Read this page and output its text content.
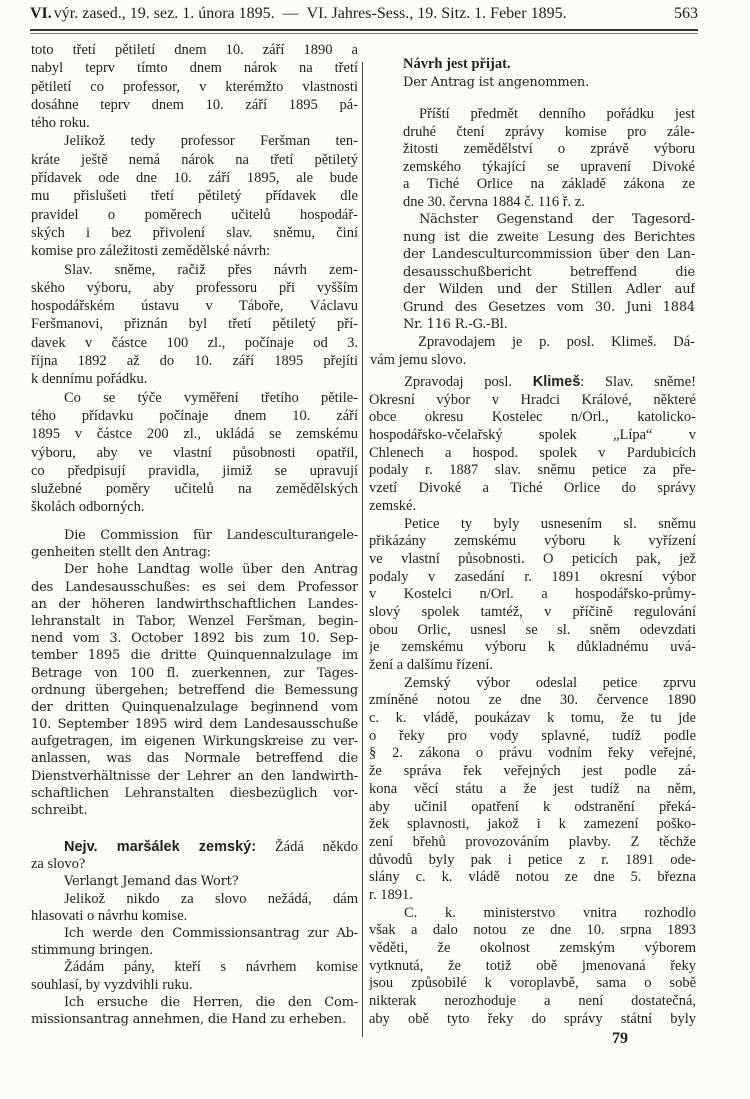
VI. výr. zased., 19. sez. 1. února 1895. — VI. Jahres-Sess., 19. Sitz. 1. Feber 1895.	563
toto třetí pětiletí dnem 10. září 1890 a
nabyl teprv tímto dnem nárok na třetí
pětiletí co professor, v kterémžto vlastnosti
dosáhne teprv dnem 10. září 1895 pá-
tého roku.
Jelikož tedy professor Feršman ten-
kráte ještě nemá nárok na třetí pětiletý
přídavek ode dne 10. září 1895, ale bude
mu přislušeti třetí pětiletý přídavek dle
pravidel o poměrech učitelů hospodář-
ských i bez přivolení slav. sněmu, činí
komise pro záležitosti zemědělské návrh:
Slav. sněme, račiž přes návrh zem-
ského výboru, aby professoru při vyšším
hospodářském ústavu v Táboře, Václavu
Feršmanovi, přiznán byl třetí pětiletý pří-
davek v částce 100 zl., počínaje od 3.
října 1892 až do 10. září 1895 přejíti
k dennímu pořádku.
Co se týče vyměření třetího pětile-
tého přídavku počínaje dnem 10. září
1895 v částce 200 zl., ukládá se zemskému
výboru, aby ve vlastní působnosti opatřil,
co předpisují pravidla, jimiž se upravují
služebné poměry učitelů na zemědělských
školách odborných.
Die Commission für Landesculturangele-
genheiten stellt den Antrag:
Der hohe Landtag wolle über den Antrag
des Landesausschußes: es sei dem Professor
an der höheren landwirthschaftlichen Landes-
lehranstalt in Tabor, Wenzel Feršman, begin-
nend vom 3. October 1892 bis zum 10. Sep-
tember 1895 die dritte Quinquennalzulage im
Betrage von 100 fl. zuerkennen, zur Tages-
ordnung übergehen; betreffend die Bemessung
der dritten Quinquenalzulage beginnend vom
10. September 1895 wird dem Landesausschuße
aufgetragen, im eigenen Wirkungskreise zu ver-
anlassen, was das Normale betreffend die
Dienstverhältnisse der Lehrer an den landwirth-
schaftlichen Lehranstalten diesbezüglich vor-
schreibt.
Nejv. maršálek zemský: Žádá někdo
za slovo?
Verlangt Jemand das Wort?
Jelikož nikdo za slovo nežádá, dám
hlasovati o návrhu komise.
Ich werde den Commissionsantrag zur Ab-
stimmung bringen.
Žádám pány, kteří s návrhem komise
souhlasí, by vyzdvihli ruku.
Ich ersuche die Herren, die den Com-
missionsantrag annehmen, die Hand zu erheben.
Návrh jest přijat.
Der Antrag ist angenommen.
Příští předmět denního pořádku jest
druhé čtení zprávy komise pro zále-
žitosti zemědělství o zprávě výboru
zemského týkající se upravení Divoké
a Tiché Orlice na základě zákona ze
dne 30. června 1884 č. 116 ř. z.
Nächster Gegenstand der Tagesord-
nung ist die zweite Lesung des Berichtes
der Landesculturcommission über den Lan-
desausschußbericht betreffend die
der Wilden und der Stillen Adler auf
Grund des Gesetzes vom 30. Juni 1884
Nr. 116 R.-G.-Bl.
Zpravodajem je p. posl. Klimeš. Dá-
vám jemu slovo.
Zpravodaj posl. Klimeš: Slav. sněme!
Okresní výbor v Hradci Králové, některé
obce okresu Kostelec n/Orl., katolicko-
hospodářsko-včelařský spolek „Lípa“ v
Chlenech a hospod. spolek v Pardubicích
podaly r. 1887 slav. sněmu petice za pře-
vzetí Divoké a Tiché Orlice do správy
zemské.
Petice ty byly usnesením sl. sněmu
přikázány zemskému výboru k vyřízení
ve vlastní působnosti. O peticích pak, jež
podaly v zasedání r. 1891 okresní výbor
v Kostelci n/Orl. a hospodářsko-průmy-
slový spolek tamtéž, v příčině regulování
obou Orlic, usnesl se sl. sněm odevzdati
je zemskému výboru k důkladnému uvá-
žení a dalšímu řízení.
Zemský výbor odeslal petice zprvu
zmíněné notou ze dne 30. července 1890
c. k. vládě, poukázav k tomu, že tu jde
o řeky pro vody splavné, tudíž podle
§ 2. zákona o právu vodním řeky veřejné,
že správa řek veřejných jest podle zá-
kona věcí státu a že jest tudíž na něm,
aby učinil opatření k odstranění překá-
žek splavnosti, jakož i k zamezení poško-
zení břehů provozováním plavby. Z těchže
důvodů byly pak i petice z r. 1891 ode-
slány c. k. vládě notou ze dne 5. března
r. 1891.
C. k. ministerstvo vnitra rozhodlo
však a dalo notou ze dne 10. srpna 1893
věděti, že okolnost zemským výborem
vytknutá, že totiž obě jmenovaná řeky
jsou způsobilé k voroplavbě, sama o sobě
nikterak nerozhoduje a není dostatečná,
aby obě tyto řeky do správy státní byly
79
